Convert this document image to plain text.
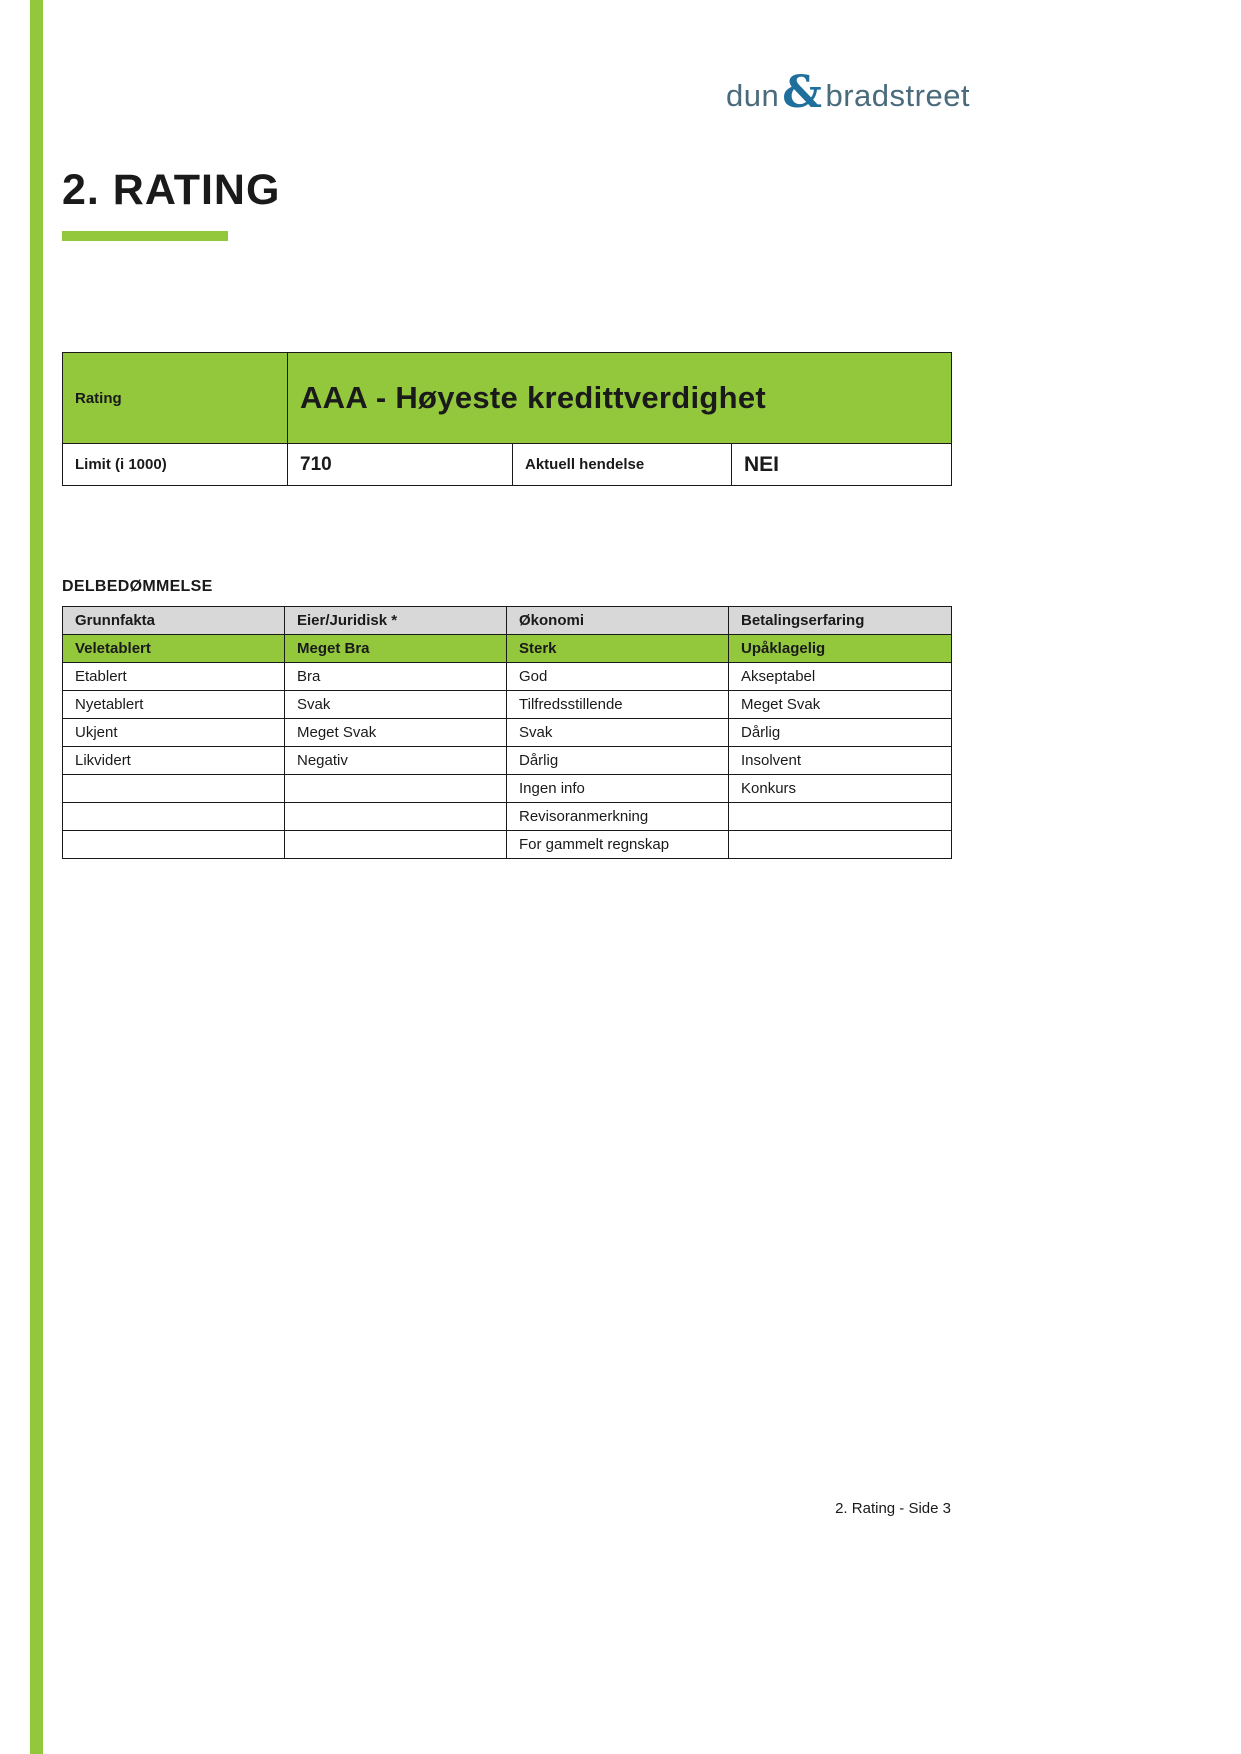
dun & bradstreet
2. RATING
Rating	AAA - Høyeste kredittverdighet		
Limit (i 1000)	710	Aktuell hendelse	NEI
DELBEDØMMELSE
Grunnfakta	Eier/Juridisk *	Økonomi	Betalingserfaring
Veletablert	Meget Bra	Sterk	Upåklagelig
Etablert	Bra	God	Akseptabel
Nyetablert	Svak	Tilfredsstillende	Meget Svak
Ukjent	Meget Svak	Svak	Dårlig
Likvidert	Negativ	Dårlig	Insolvent
		Ingen info	Konkurs
		Revisoranmerkning	
		For gammelt regnskap	
2. Rating - Side 3
